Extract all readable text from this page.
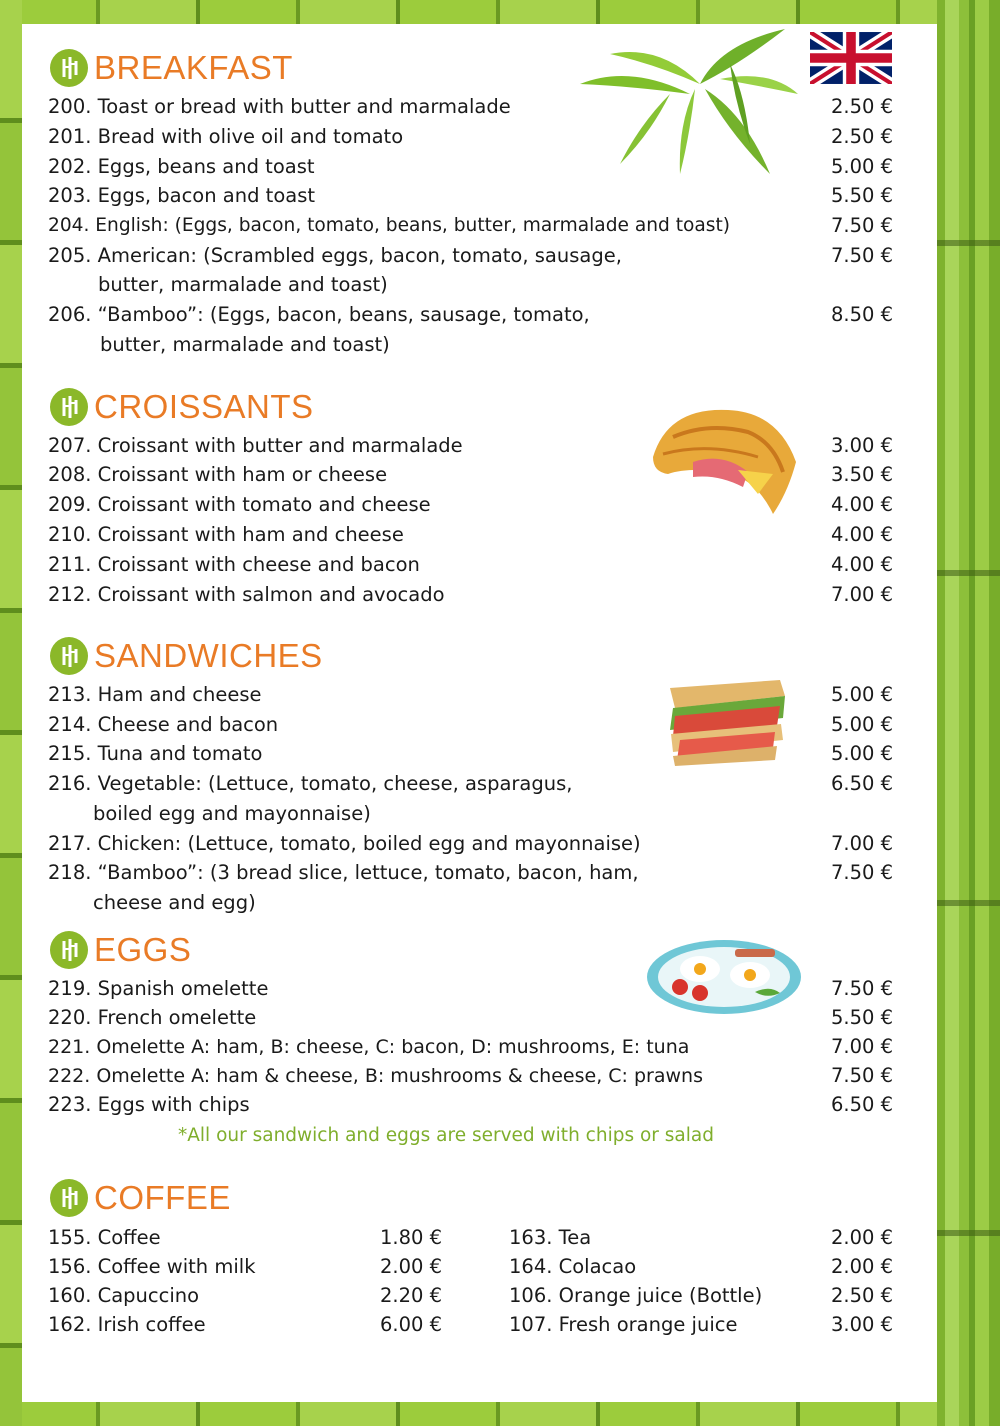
BREAKFAST
200. Toast or bread with butter and marmalade	2.50 €
201. Bread with olive oil and tomato	2.50 €
202. Eggs, beans and toast	5.00 €
203. Eggs, bacon and toast	5.50 €
204. English: (Eggs, bacon, tomato, beans, butter, marmalade and toast)	7.50 €
205. American: (Scrambled eggs, bacon, tomato, sausage,	7.50 €
butter, marmalade and toast)
206. “Bamboo”: (Eggs, bacon, beans, sausage, tomato,	8.50 €
butter, marmalade and toast)
CROISSANTS
207. Croissant with butter and marmalade	3.00 €
208. Croissant with ham or cheese	3.50 €
209. Croissant with tomato and cheese	4.00 €
210. Croissant with ham and cheese	4.00 €
211. Croissant with cheese and bacon	4.00 €
212. Croissant with salmon and avocado	7.00 €
SANDWICHES
213. Ham and cheese	5.00 €
214. Cheese and bacon	5.00 €
215. Tuna and tomato	5.00 €
216. Vegetable: (Lettuce, tomato, cheese, asparagus,	6.50 €
boiled egg and mayonnaise)
217. Chicken: (Lettuce, tomato, boiled egg and mayonnaise)	7.00 €
218. “Bamboo”: (3 bread slice, lettuce, tomato, bacon, ham,	7.50 €
cheese and egg)
EGGS
219. Spanish omelette	7.50 €
220. French omelette	5.50 €
221. Omelette A: ham, B: cheese, C: bacon, D: mushrooms, E: tuna	7.00 €
222. Omelette A: ham & cheese, B: mushrooms & cheese, C: prawns	7.50 €
223. Eggs with chips	6.50 €
*All our sandwich and eggs are served with chips or salad
COFFEE
155. Coffee	1.80 €
156. Coffee with milk	2.00 €
160. Capuccino	2.20 €
162. Irish coffee	6.00 €
163. Tea	2.00 €
164. Colacao	2.00 €
106. Orange juice (Bottle)	2.50 €
107. Fresh orange juice	3.00 €
